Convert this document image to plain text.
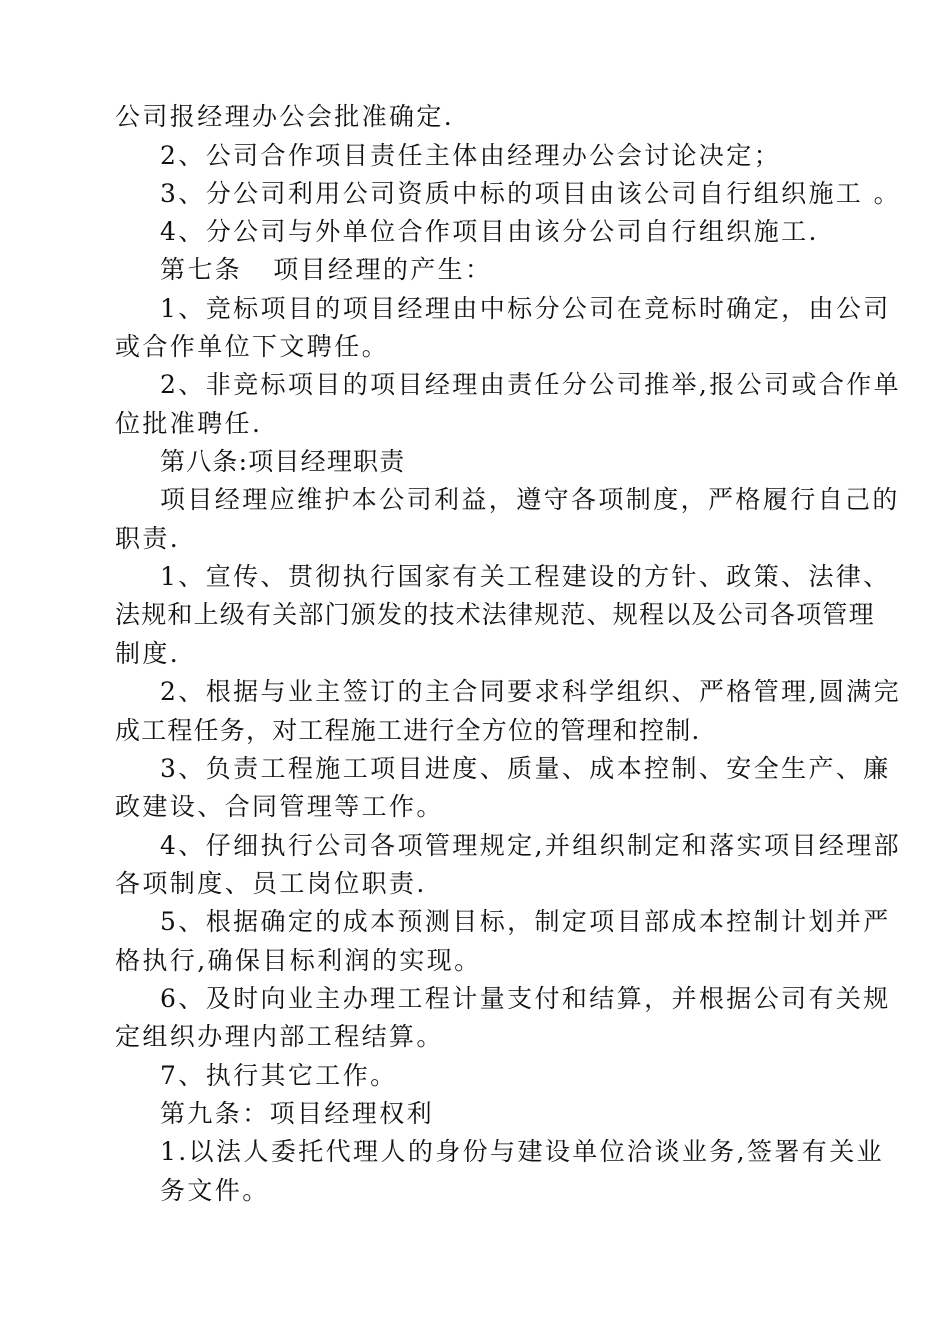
公司报经理办公会批准确定.
2、公司合作项目责任主体由经理办公会讨论决定；
3、分公司利用公司资质中标的项目由该公司自行组织施工 。
4、分公司与外单位合作项目由该分公司自行组织施工.
第七条   项目经理的产生：
1、竞标项目的项目经理由中标分公司在竞标时确定，由公司
或合作单位下文聘任。
2、非竞标项目的项目经理由责任分公司推举,报公司或合作单
位批准聘任.
第八条:项目经理职责
项目经理应维护本公司利益，遵守各项制度，严格履行自己的
职责.
1、宣传、贯彻执行国家有关工程建设的方针、政策、法律、
法规和上级有关部门颁发的技术法律规范、规程以及公司各项管理
制度.
2、根据与业主签订的主合同要求科学组织、严格管理,圆满完
成工程任务，对工程施工进行全方位的管理和控制.
3、负责工程施工项目进度、质量、成本控制、安全生产、廉
政建设、合同管理等工作。
4、仔细执行公司各项管理规定,并组织制定和落实项目经理部
各项制度、员工岗位职责.
5、根据确定的成本预测目标，制定项目部成本控制计划并严
格执行,确保目标利润的实现。
6、及时向业主办理工程计量支付和结算，并根据公司有关规
定组织办理内部工程结算。
7、执行其它工作。
第九条：项目经理权利
1.以法人委托代理人的身份与建设单位洽谈业务,签署有关业
务文件。
